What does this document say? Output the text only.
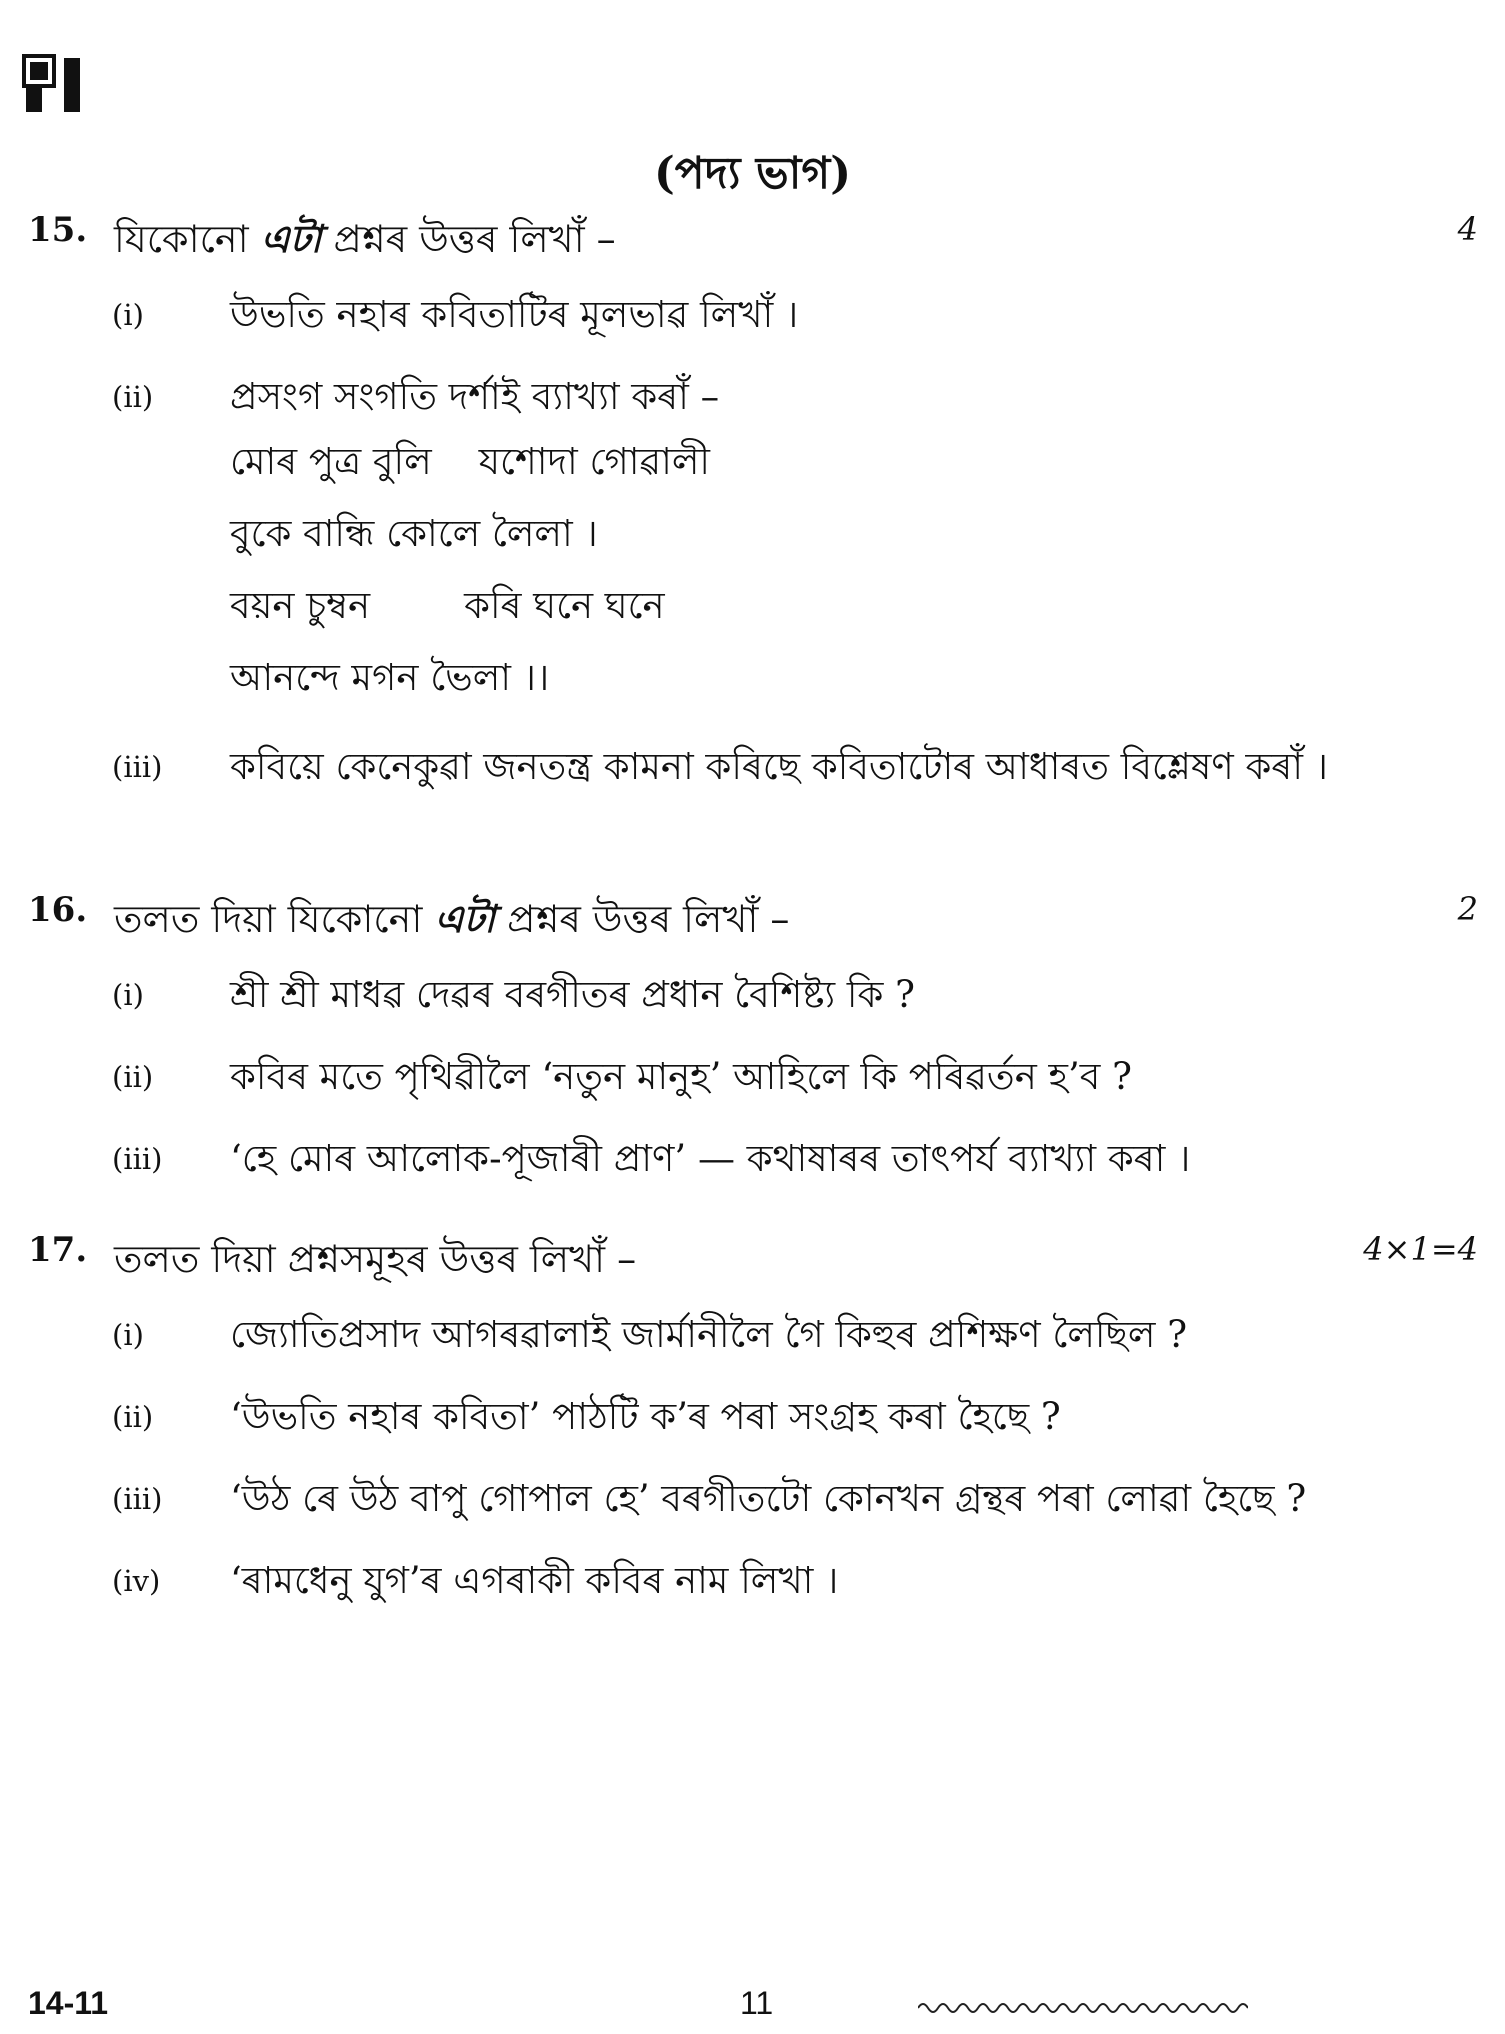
(পদ্য ভাগ)
15. যিকোনো এটা প্ৰশ্নৰ উত্তৰ লিখাঁ –	4
(i)	উভতি নহাৰ কবিতাটিৰ মূলভাৱ লিখাঁ ।
(ii)	প্ৰসংগ সংগতি দৰ্শাই ব্যাখ্যা কৰাঁ –
মোৰ পুত্ৰ বুলি    যশোদা গোৱালী
বুকে বান্ধি কোলে লৈলা ।
বয়ন চুম্বন        কৰি ঘনে ঘনে
আনন্দে মগন ভৈলা ।।
(iii)	কবিয়ে কেনেকুৱা জনতন্ত্ৰ কামনা কৰিছে কবিতাটোৰ আধাৰত বিশ্লেষণ কৰাঁ ।
16. তলত দিয়া যিকোনো এটা প্ৰশ্নৰ উত্তৰ লিখাঁ –	2
(i)	শ্ৰী শ্ৰী মাধৱ দেৱৰ বৰগীতৰ প্ৰধান বৈশিষ্ট্য কি ?
(ii)	কবিৰ মতে পৃথিৱীলৈ ‘নতুন মানুহ’ আহিলে কি পৰিৱৰ্তন হ’ব ?
(iii)	‘হে মোৰ আলোক-পূজাৰী প্ৰাণ’ — কথাষাৰৰ তাৎপৰ্য ব্যাখ্যা কৰা ।
17. তলত দিয়া প্ৰশ্নসমূহৰ উত্তৰ লিখাঁ –	4×1=4
(i)	জ্যোতিপ্ৰসাদ আগৰৱালাই জাৰ্মানীলৈ গৈ কিহুৰ প্ৰশিক্ষণ লৈছিল ?
(ii)	‘উভতি নহাৰ কবিতা’ পাঠটি ক’ৰ পৰা সংগ্ৰহ কৰা হৈছে ?
(iii)	‘উঠ ৰে উঠ বাপু গোপাল হে’ বৰগীতটো কোনখন গ্ৰন্থৰ পৰা লোৱা হৈছে ?
(iv)	‘ৰামধেনু যুগ’ৰ এগৰাকী কবিৰ নাম লিখা ।
14-11	11
